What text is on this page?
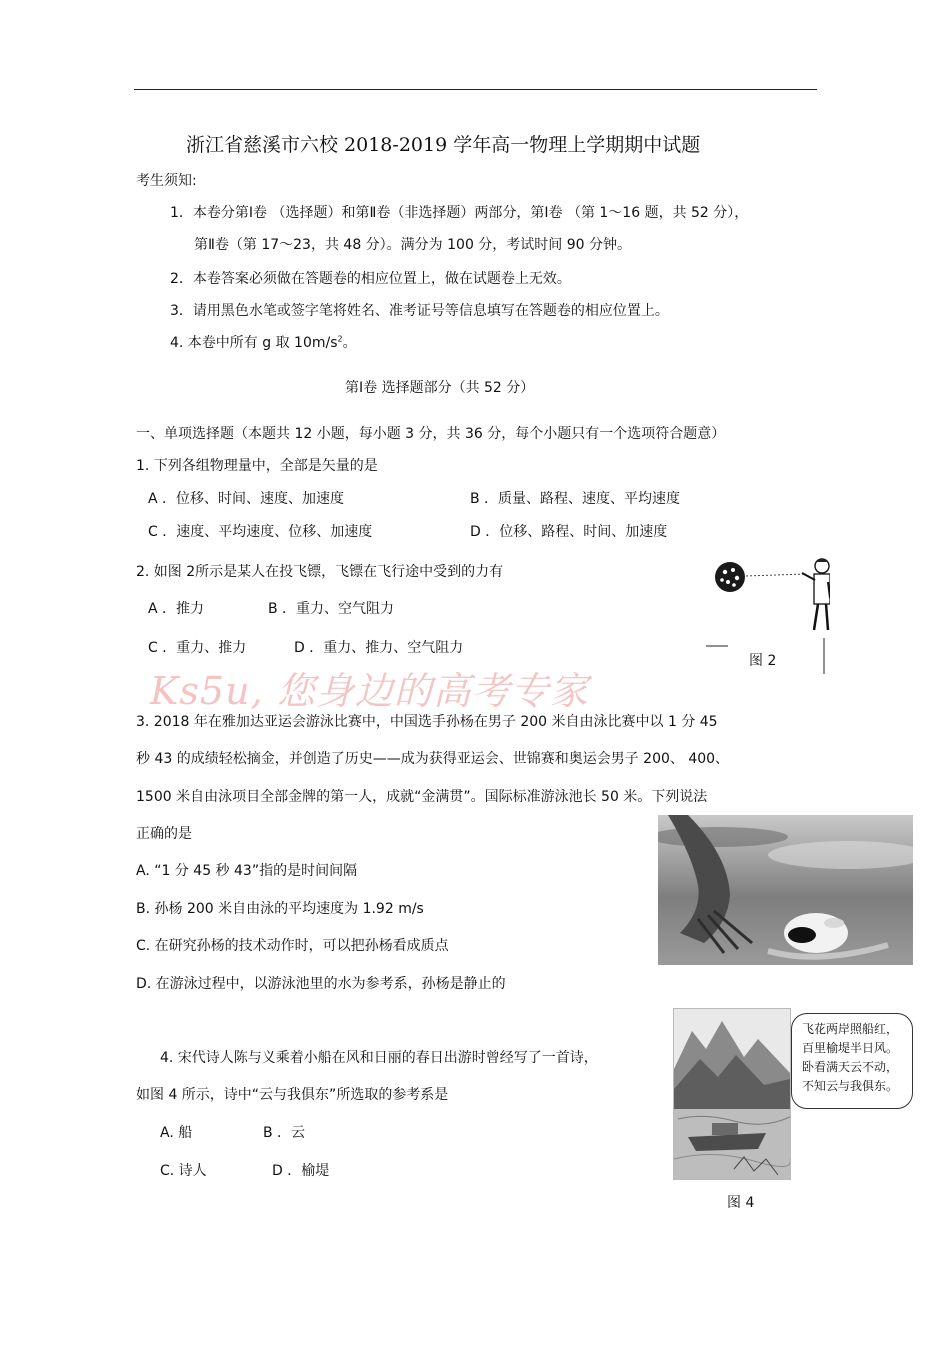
浙江省慈溪市六校 2018-2019 学年高一物理上学期期中试题
考生须知:
1．本卷分第Ⅰ卷 （选择题）和第Ⅱ卷（非选择题）两部分，第Ⅰ卷 （第 1～16 题，共 52 分），
第Ⅱ卷（第 17～23，共 48 分）。满分为 100 分，考试时间 90 分钟。
2．本卷答案必须做在答题卷的相应位置上，做在试题卷上无效。
3．请用黑色水笔或签字笔将姓名、准考证号等信息填写在答题卷的相应位置上。
4. 本卷中所有 g 取 $10m/s^2$。
第Ⅰ卷 选择题部分（共 52 分）
一、单项选择题（本题共 12 小题，每小题 3 分，共 36 分，每个小题只有一个选项符合题意）
1. 下列各组物理量中，全部是矢量的是
A ．位移、时间、速度、加速度	B ．质量、路程、速度、平均速度
C ．速度、平均速度、位移、加速度	D ．位移、路程、时间、加速度
2. 如图 2所示是某人在投飞镖，飞镖在飞行途中受到的力有
A ．推力	B ．重力、空气阻力
C ．重力、推力	D ．重力、推力、空气阻力
图 2
Ks5u, 您身边的高考专家
3. 2018 年在雅加达亚运会游泳比赛中，中国选手孙杨在男子 200 米自由泳比赛中以 1 分 45
秒 43 的成绩轻松摘金，并创造了历史——成为获得亚运会、世锦赛和奥运会男子 200、 400、
1500 米自由泳项目全部金牌的第一人，成就“金满贯”。国际标准游泳池长 50 米。下列说法
正确的是
A. “1 分 45 秒 43”指的是时间间隔
B. 孙杨 200 米自由泳的平均速度为 1.92 m/s
C. 在研究孙杨的技术动作时，可以把孙杨看成质点
D. 在游泳过程中，以游泳池里的水为参考系，孙杨是静止的
4. 宋代诗人陈与义乘着小船在风和日丽的春日出游时曾经写了一首诗，
如图 4 所示，诗中“云与我俱东”所选取的参考系是
A. 船	B ．云
C. 诗人	D ．榆堤
飞花两岸照船红，
百里榆堤半日风。
卧看满天云不动，
不知云与我俱东。
图 4
